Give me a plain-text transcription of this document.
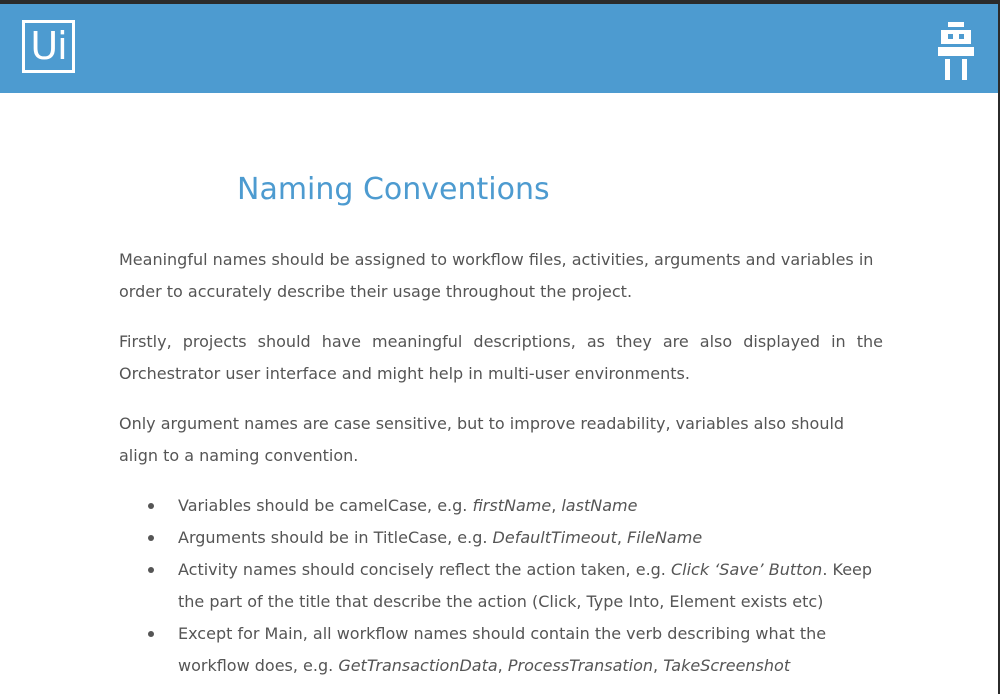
Ui
Naming Conventions

Meaningful names should be assigned to workflow files, activities, arguments and variables in order to accurately describe their usage throughout the project.

Firstly, projects should have meaningful descriptions, as they are also displayed in the Orchestrator user interface and might help in multi-user environments.

Only argument names are case sensitive, but to improve readability, variables also should align to a naming convention.

Variables should be camelCase, e.g. firstName, lastName
Arguments should be in TitleCase, e.g. DefaultTimeout, FileName
Activity names should concisely reflect the action taken, e.g. Click ‘Save’ Button. Keep the part of the title that describe the action (Click, Type Into, Element exists etc)
Except for Main, all workflow names should contain the verb describing what the workflow does, e.g. GetTransactionData, ProcessTransation, TakeScreenshot
